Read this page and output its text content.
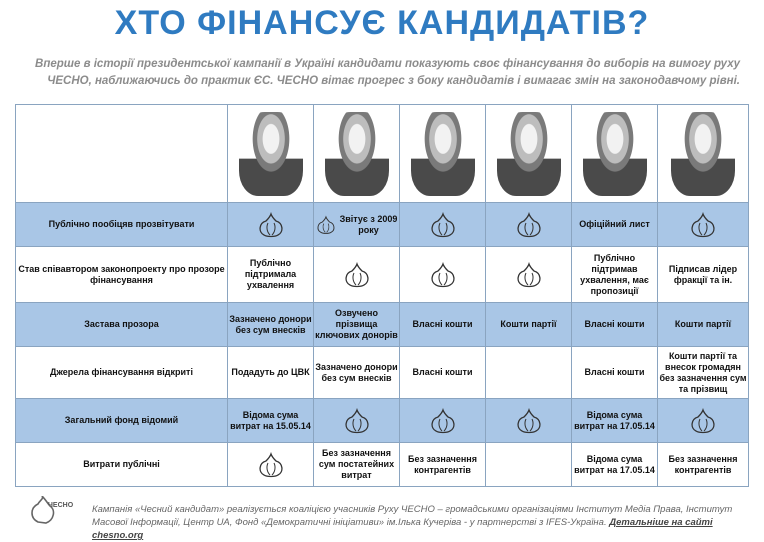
ХТО ФІНАНСУЄ КАНДИДАТІВ?
Вперше в історії президентської кампанії в Україні кандидати показують своє фінансування до виборів на вимогу руху ЧЕСНО, наближаючись до практик ЄС. ЧЕСНО вітає прогрес з боку кандидатів і вимагає змін на законодавчому рівні.

Публічно пообіцяв прозвітувати		Звітує з 2009 року			Офіційний лист

Став співавтором законопроекту про прозоре фінансування	Публічно підтримала ухвалення				Публічно підтримав ухвалення, має пропозиції	Підписав лідер фракції та ін.

Застава прозора	Зазначено донори без сум внесків	Озвучено прізвища ключових донорів	Власні кошти	Кошти партії	Власні кошти	Кошти партії

Джерела фінансування відкриті	Подадуть до ЦВК	Зазначено донори без сум внесків	Власні кошти		Власні кошти	Кошти партії та внесок громадян без зазначення сум та прізвищ

Загальний фонд відомий	Відома сума витрат на 15.05.14				Відома сума витрат на 17.05.14

Витрати публічні		Без зазначення сум постатейних витрат	Без зазначення контрагентів		Відома сума витрат на 17.05.14	Без зазначення контрагентів
ЧЕСНО Кампанія «Чесний кандидат» реалізується коаліцією учасників Руху ЧЕСНО – громадськими організаціями Інститут Медіа Права, Інститут Масової Інформації, Центр UA, Фонд «Демократичні ініціативи» ім.Ілька Кучеріва - у партнерстві з IFES-Україна. Детальніше на сайті chesno.org
